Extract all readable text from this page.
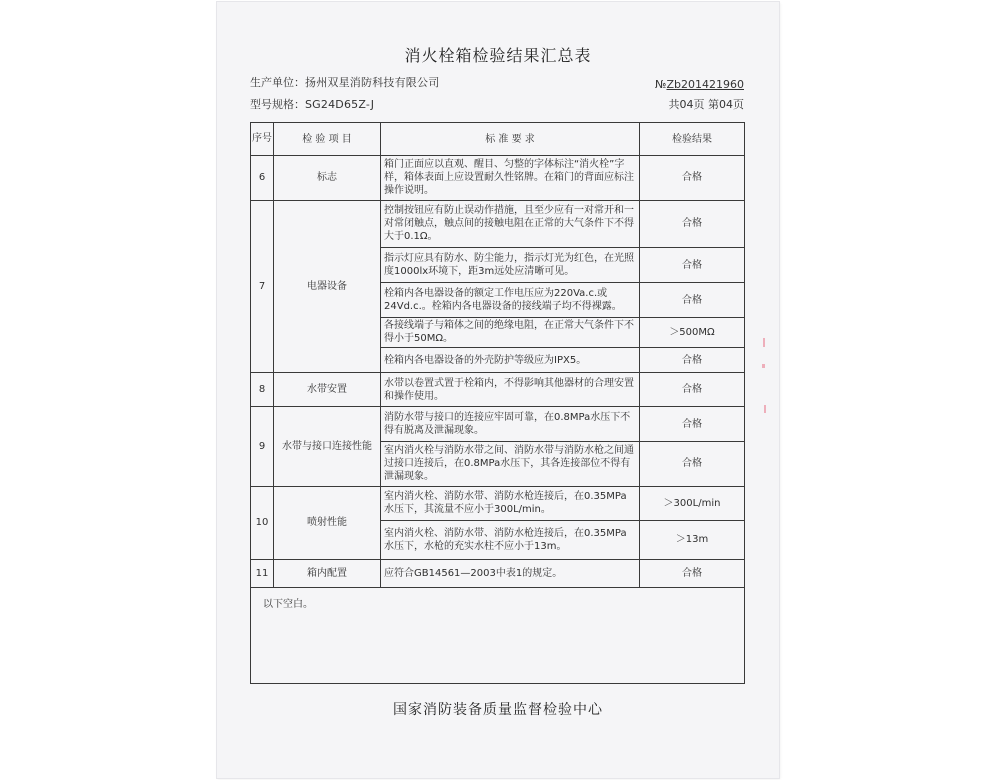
消火栓箱检验结果汇总表
生产单位：扬州双星消防科技有限公司	№Zb201421960
型号规格：SG24D65Z-J	共04页 第04页
序号	检 验 项 目	标 准 要 求	检验结果
6	标志	箱门正面应以直观、醒目、匀整的字体标注“消火栓”字样，箱体表面上应设置耐久性铭牌。在箱门的背面应标注操作说明。	合格
7	电器设备	控制按钮应有防止误动作措施，且至少应有一对常开和一对常闭触点，触点间的接触电阻在正常的大气条件下不得大于0.1Ω。	合格
		指示灯应具有防水、防尘能力，指示灯光为红色，在光照度1000lx环境下，距3m远处应清晰可见。	合格
		栓箱内各电器设备的额定工作电压应为220Va.c.或24Vd.c.。栓箱内各电器设备的接线端子均不得裸露。	合格
		各接线端子与箱体之间的绝缘电阻，在正常大气条件下不得小于50MΩ。	＞500MΩ
		栓箱内各电器设备的外壳防护等级应为IPX5。	合格
8	水带安置	水带以卷置式置于栓箱内，不得影响其他器材的合理安置和操作使用。	合格
9	水带与接口连接性能	消防水带与接口的连接应牢固可靠，在0.8MPa水压下不得有脱离及泄漏现象。	合格
		室内消火栓与消防水带之间、消防水带与消防水枪之间通过接口连接后，在0.8MPa水压下，其各连接部位不得有泄漏现象。	合格
10	喷射性能	室内消火栓、消防水带、消防水枪连接后，在0.35MPa水压下，其流量不应小于300L/min。	＞300L/min
		室内消火栓、消防水带、消防水枪连接后，在0.35MPa水压下，水枪的充实水柱不应小于13m。	＞13m
11	箱内配置	应符合GB14561—2003中表1的规定。	合格
以下空白。			
国家消防装备质量监督检验中心
